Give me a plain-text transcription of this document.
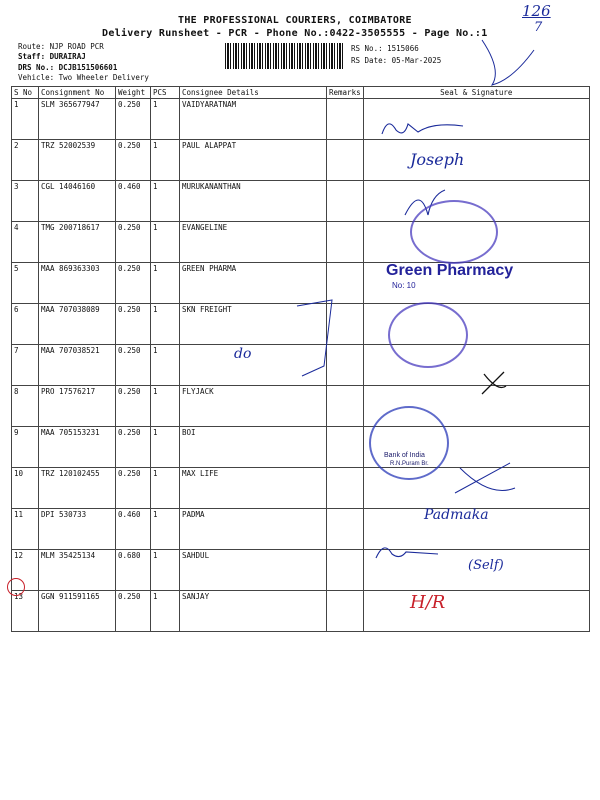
THE PROFESSIONAL COURIERS, COIMBATORE
Delivery Runsheet - PCR - Phone No.:0422-3505555 - Page No.:1
Route: NJP ROAD PCR
Staff: DURAIRAJ
DRS No.: DCJB151506601
Vehicle: Two Wheeler Delivery
RS No.: 1515066
RS Date: 05-Mar-2025
126
7
S No	Consignment No	Weight	PCS	Consignee Details	Remarks	Seal & Signature
1	SLM 365677947	0.250	1	VAIDYARATNAM		
2	TRZ 52002539	0.250	1	PAUL ALAPPAT		
3	CGL 14046160	0.460	1	MURUKANANTHAN		
4	TMG 200718617	0.250	1	EVANGELINE		
5	MAA 869363303	0.250	1	GREEN PHARMA		
6	MAA 707038089	0.250	1	SKN FREIGHT		
7	MAA 707038521	0.250	1			
8	PRO 17576217	0.250	1	FLYJACK		
9	MAA 705153231	0.250	1	BOI		
10	TRZ 120102455	0.250	1	MAX LIFE		
11	DPI 530733	0.460	1	PADMA		
12	MLM 35425134	0.680	1	SAHDUL		
13	GGN 911591165	0.250	1	SANJAY		
Joseph
Green Pharmacy
No: 10
do
Bank of India
R.N.Puram Br.
Padmaka
(Self)
H/R
